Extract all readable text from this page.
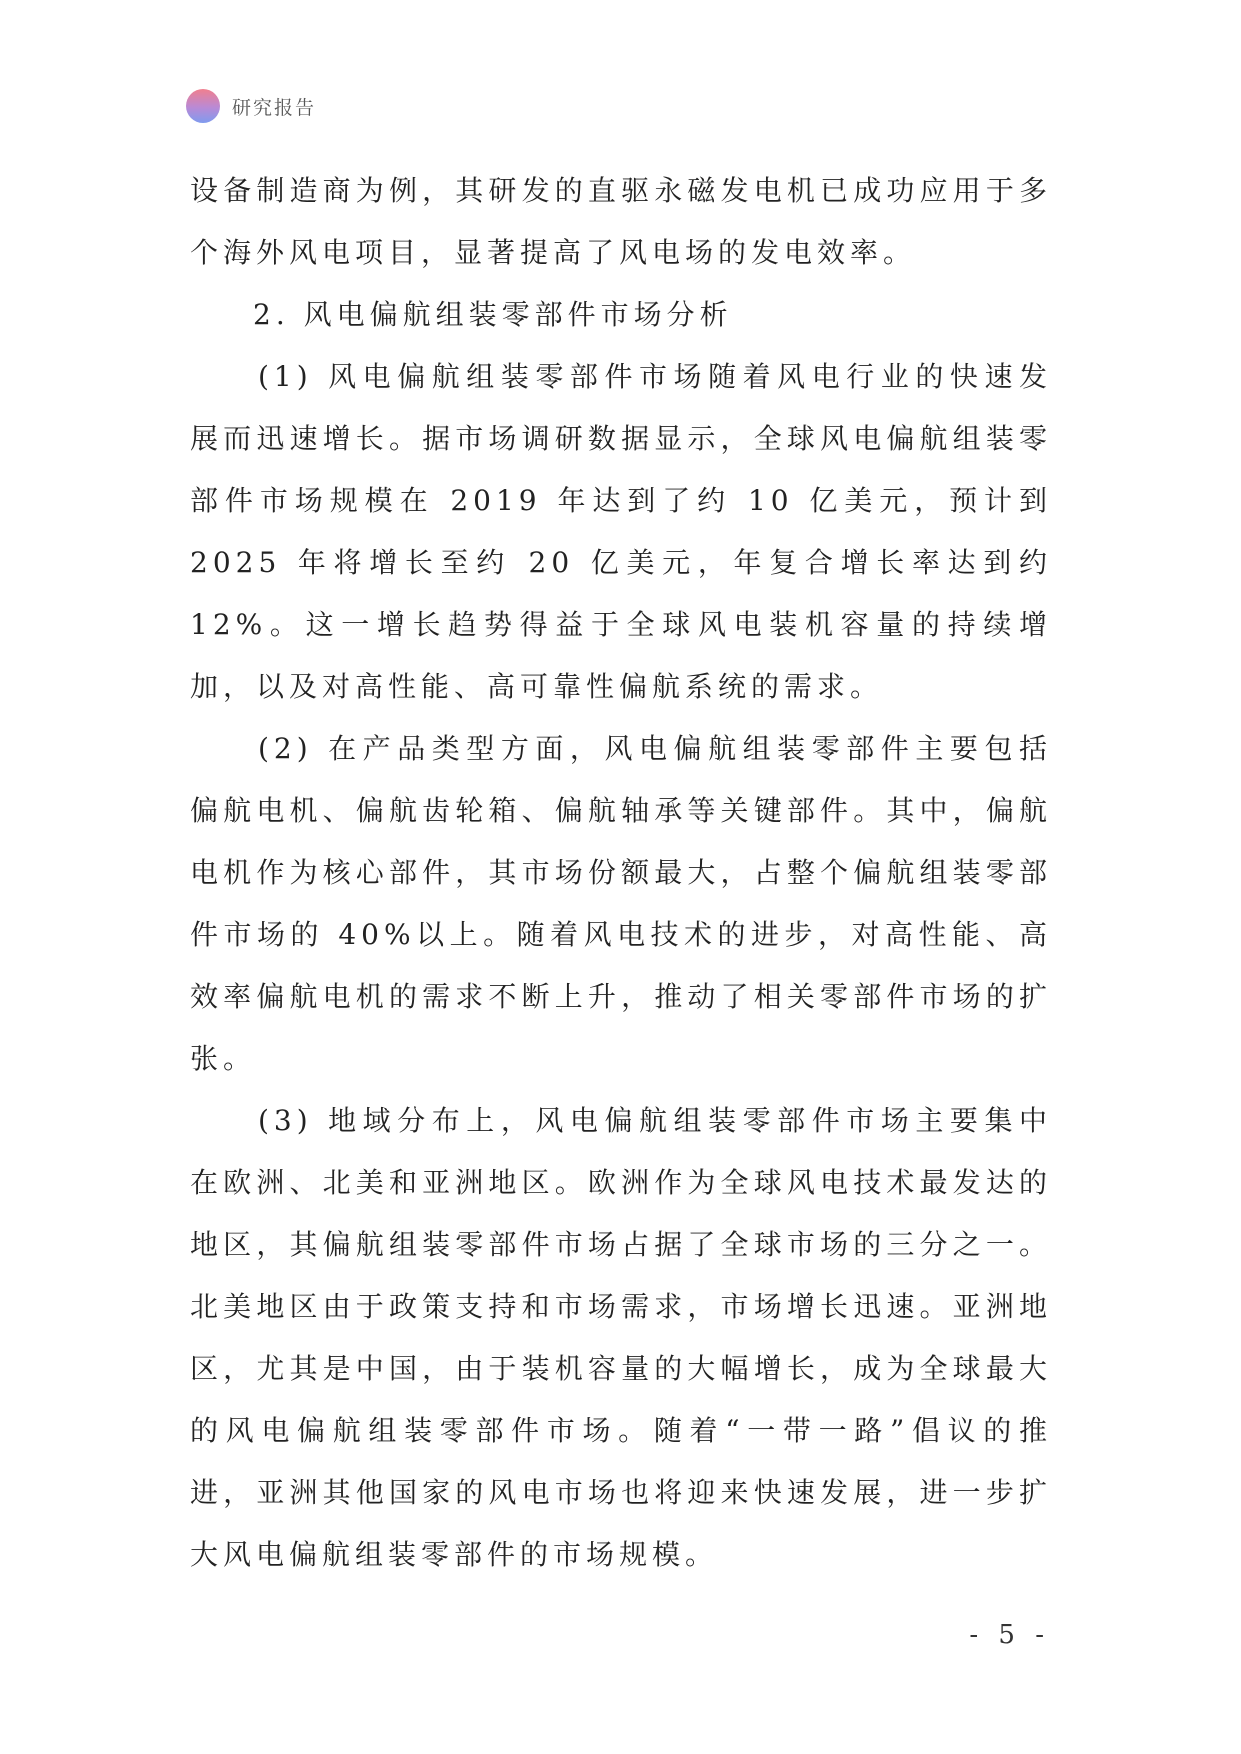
研究报告

设备制造商为例，其研发的直驱永磁发电机已成功应用于多个海外风电项目，显著提高了风电场的发电效率。

2. 风电偏航组装零部件市场分析

(1) 风电偏航组装零部件市场随着风电行业的快速发展而迅速增长。据市场调研数据显示，全球风电偏航组装零部件市场规模在 2019 年达到了约 10 亿美元，预计到 2025 年将增长至约 20 亿美元，年复合增长率达到约 12%。这一增长趋势得益于全球风电装机容量的持续增加，以及对高性能、高可靠性偏航系统的需求。

(2) 在产品类型方面，风电偏航组装零部件主要包括偏航电机、偏航齿轮箱、偏航轴承等关键部件。其中，偏航电机作为核心部件，其市场份额最大，占整个偏航组装零部件市场的 40%以上。随着风电技术的进步，对高性能、高效率偏航电机的需求不断上升，推动了相关零部件市场的扩张。

(3) 地域分布上，风电偏航组装零部件市场主要集中在欧洲、北美和亚洲地区。欧洲作为全球风电技术最发达的地区，其偏航组装零部件市场占据了全球市场的三分之一。北美地区由于政策支持和市场需求，市场增长迅速。亚洲地区，尤其是中国，由于装机容量的大幅增长，成为全球最大的风电偏航组装零部件市场。随着“一带一路”倡议的推进，亚洲其他国家的风电市场也将迎来快速发展，进一步扩大风电偏航组装零部件的市场规模。

- 5 -
